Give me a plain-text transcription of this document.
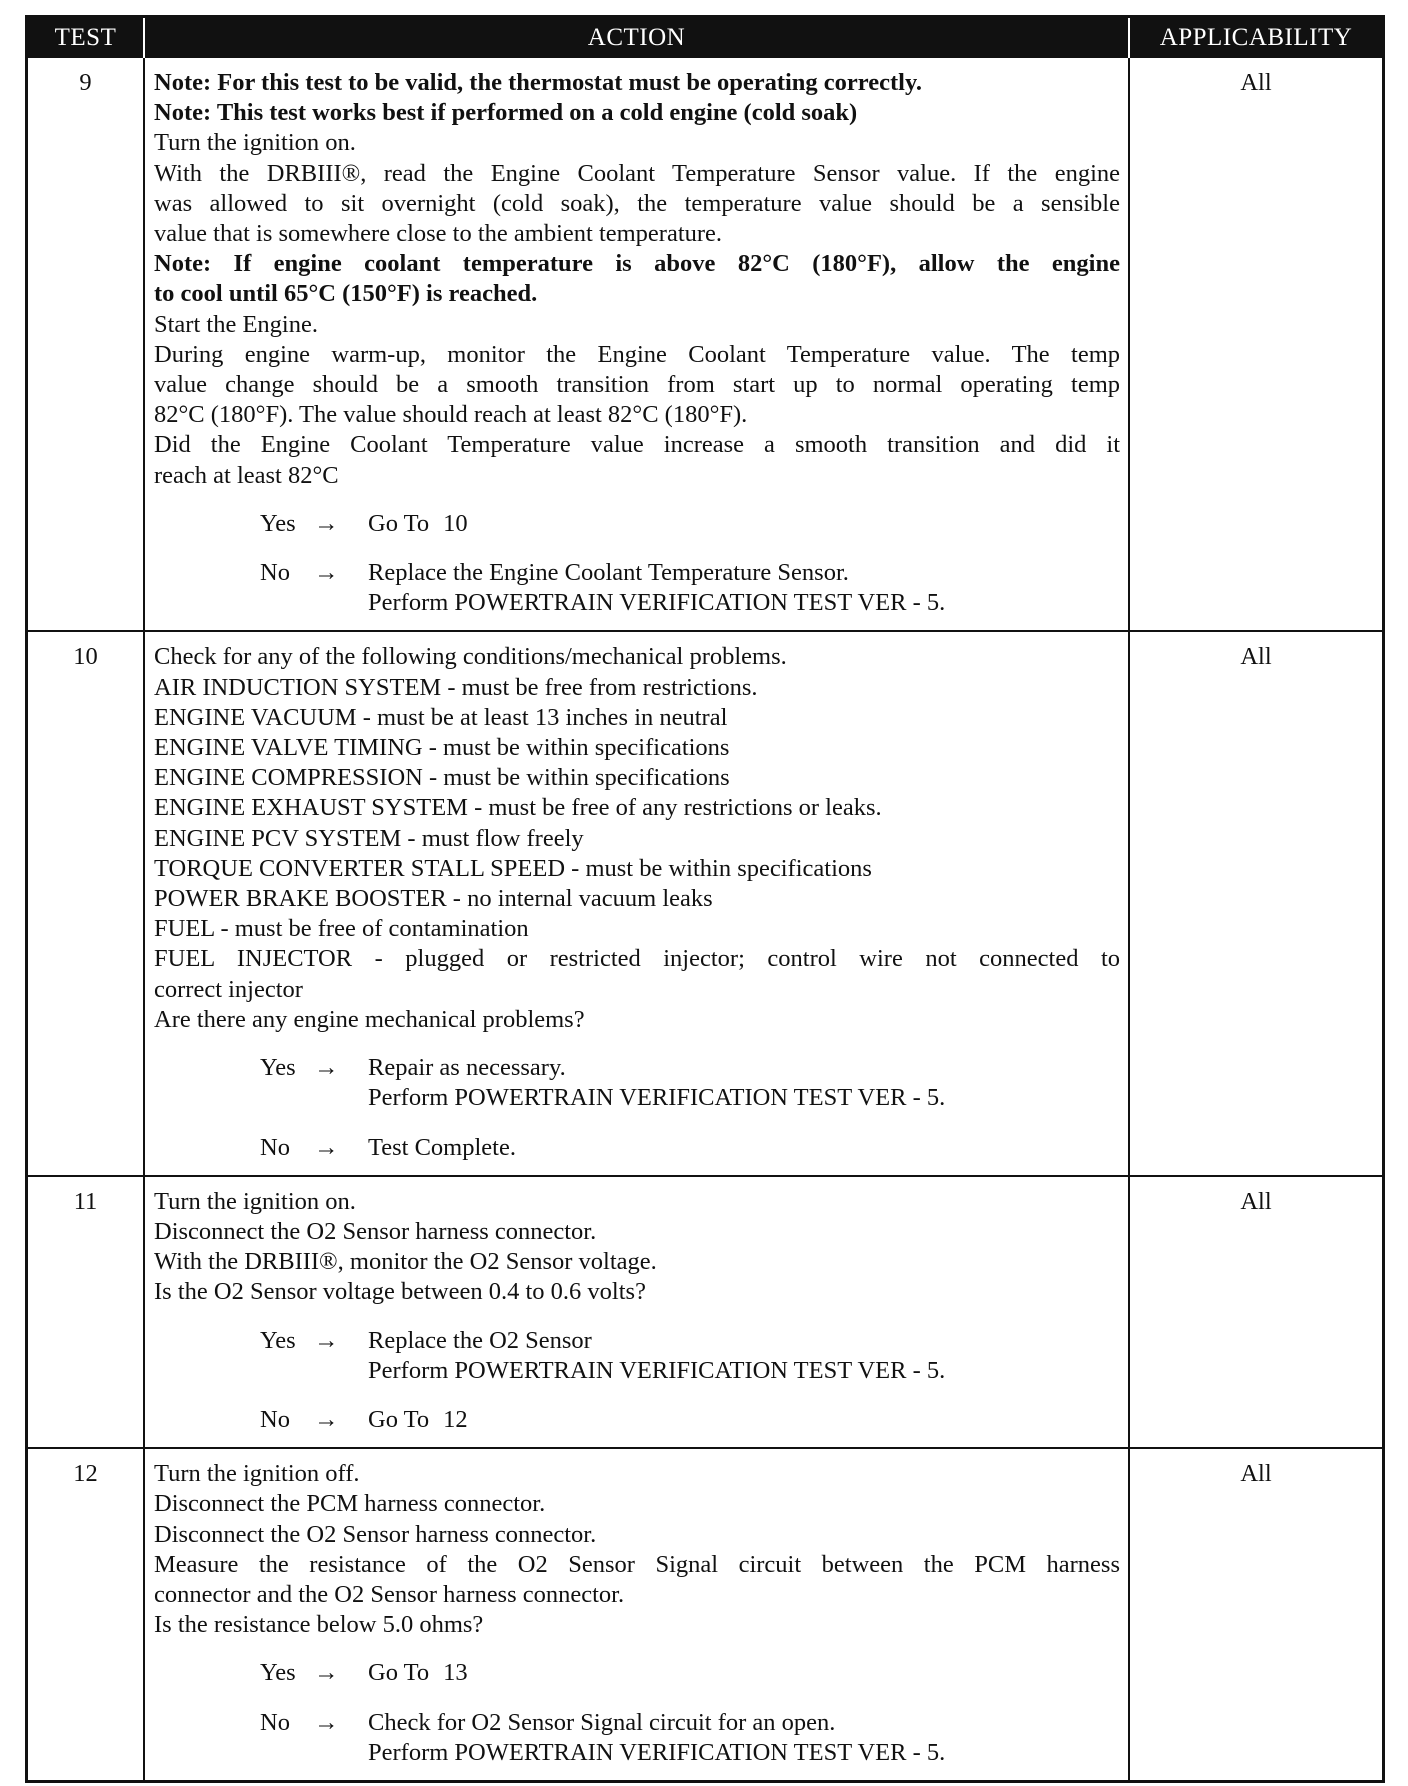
TEST	ACTION	APPLICABILITY
9	Note: For this test to be valid, the thermostat must be operating correctly.
Note: This test works best if performed on a cold engine (cold soak)
Turn the ignition on.
With the DRBIII®, read the Engine Coolant Temperature Sensor value. If the engine
was allowed to sit overnight (cold soak), the temperature value should be a sensible
value that is somewhere close to the ambient temperature.
Note: If engine coolant temperature is above 82°C (180°F), allow the engine
to cool until 65°C (150°F) is reached.
Start the Engine.
During engine warm-up, monitor the Engine Coolant Temperature value. The temp
value change should be a smooth transition from start up to normal operating temp
82°C (180°F). The value should reach at least 82°C (180°F).
Did the Engine Coolant Temperature value increase a smooth transition and did it
reach at least 82°C
Yes →	Go To 10
No →	Replace the Engine Coolant Temperature Sensor.
Perform POWERTRAIN VERIFICATION TEST VER - 5.
All
10	Check for any of the following conditions/mechanical problems.
AIR INDUCTION SYSTEM - must be free from restrictions.
ENGINE VACUUM - must be at least 13 inches in neutral
ENGINE VALVE TIMING - must be within specifications
ENGINE COMPRESSION - must be within specifications
ENGINE EXHAUST SYSTEM - must be free of any restrictions or leaks.
ENGINE PCV SYSTEM - must flow freely
TORQUE CONVERTER STALL SPEED - must be within specifications
POWER BRAKE BOOSTER - no internal vacuum leaks
FUEL - must be free of contamination
FUEL INJECTOR - plugged or restricted injector; control wire not connected to
correct injector
Are there any engine mechanical problems?
Yes →	Repair as necessary.
Perform POWERTRAIN VERIFICATION TEST VER - 5.
No →	Test Complete.
All
11	Turn the ignition on.
Disconnect the O2 Sensor harness connector.
With the DRBIII®, monitor the O2 Sensor voltage.
Is the O2 Sensor voltage between 0.4 to 0.6 volts?
Yes →	Replace the O2 Sensor
Perform POWERTRAIN VERIFICATION TEST VER - 5.
No →	Go To 12
All
12	Turn the ignition off.
Disconnect the PCM harness connector.
Disconnect the O2 Sensor harness connector.
Measure the resistance of the O2 Sensor Signal circuit between the PCM harness
connector and the O2 Sensor harness connector.
Is the resistance below 5.0 ohms?
Yes →	Go To 13
No →	Check for O2 Sensor Signal circuit for an open.
Perform POWERTRAIN VERIFICATION TEST VER - 5.
All
